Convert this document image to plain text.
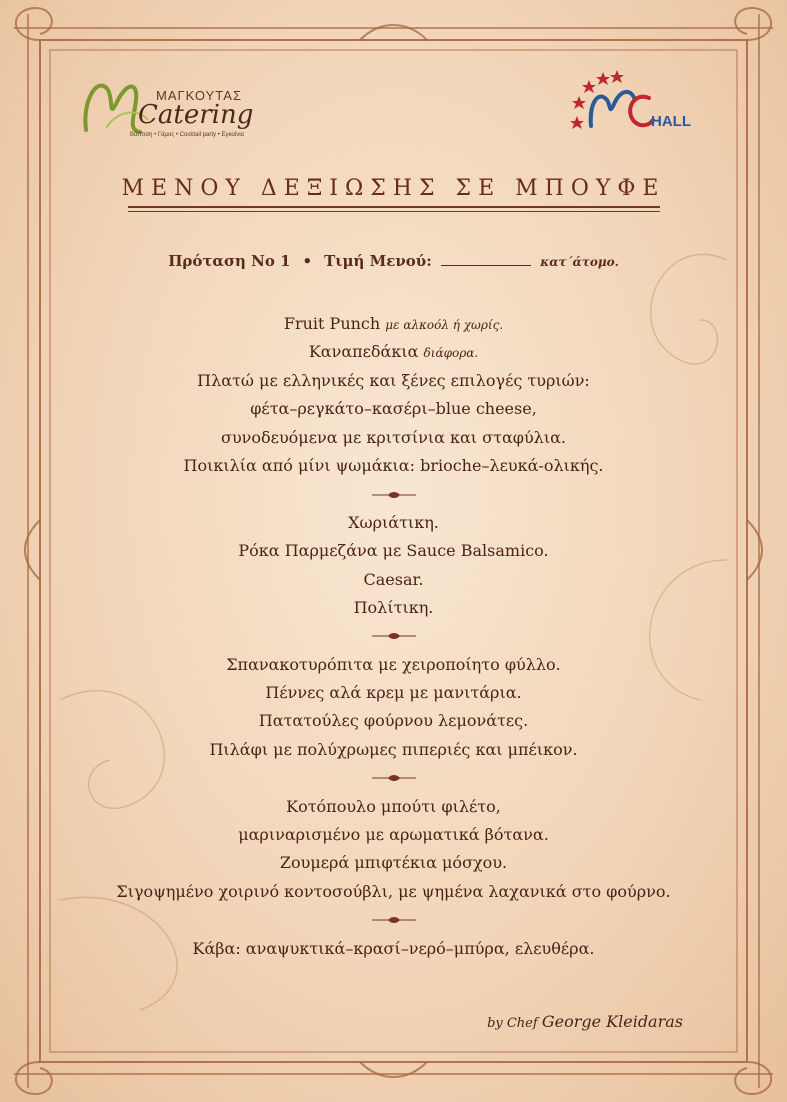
ΜΑΓΚΟΥΤΑΣ
Catering
Βάπτιση • Γάμος • Cocktail party • Εγκαίνια
HALL
ΜΕΝΟΥ ΔΕΞΙΩΣΗΣ ΣΕ ΜΠΟΥΦΕ
Πρόταση No 1 • Τιμή Μενού:	κατ΄άτομο.
Fruit Punch με αλκοόλ ή χωρίς.
Καναπεδάκια διάφορα.
Πλατώ με ελληνικές και ξένες επιλογές τυριών:
φέτα–ρεγκάτο–κασέρι–blue cheese,
συνοδευόμενα με κριτσίνια και σταφύλια.
Ποικιλία από μίνι ψωμάκια: brioche–λευκά-ολικής.
Χωριάτικη.
Ρόκα Παρμεζάνα με Sauce Balsamico.
Caesar.
Πολίτικη.
Σπανακοτυρόπιτα με χειροποίητο φύλλο.
Πέννες αλά κρεμ με μανιτάρια.
Πατατούλες φούρνου λεμονάτες.
Πιλάφι με πολύχρωμες πιπεριές και μπέικον.
Κοτόπουλο μπούτι φιλέτο,
μαριναρισμένο με αρωματικά βότανα.
Ζουμερά μπιφτέκια μόσχου.
Σιγοψημένο χοιρινό κοντοσούβλι, με ψημένα λαχανικά στο φούρνο.
Κάβα: αναψυκτικά–κρασί–νερό–μπύρα, ελευθέρα.
by Chef George Kleidaras
